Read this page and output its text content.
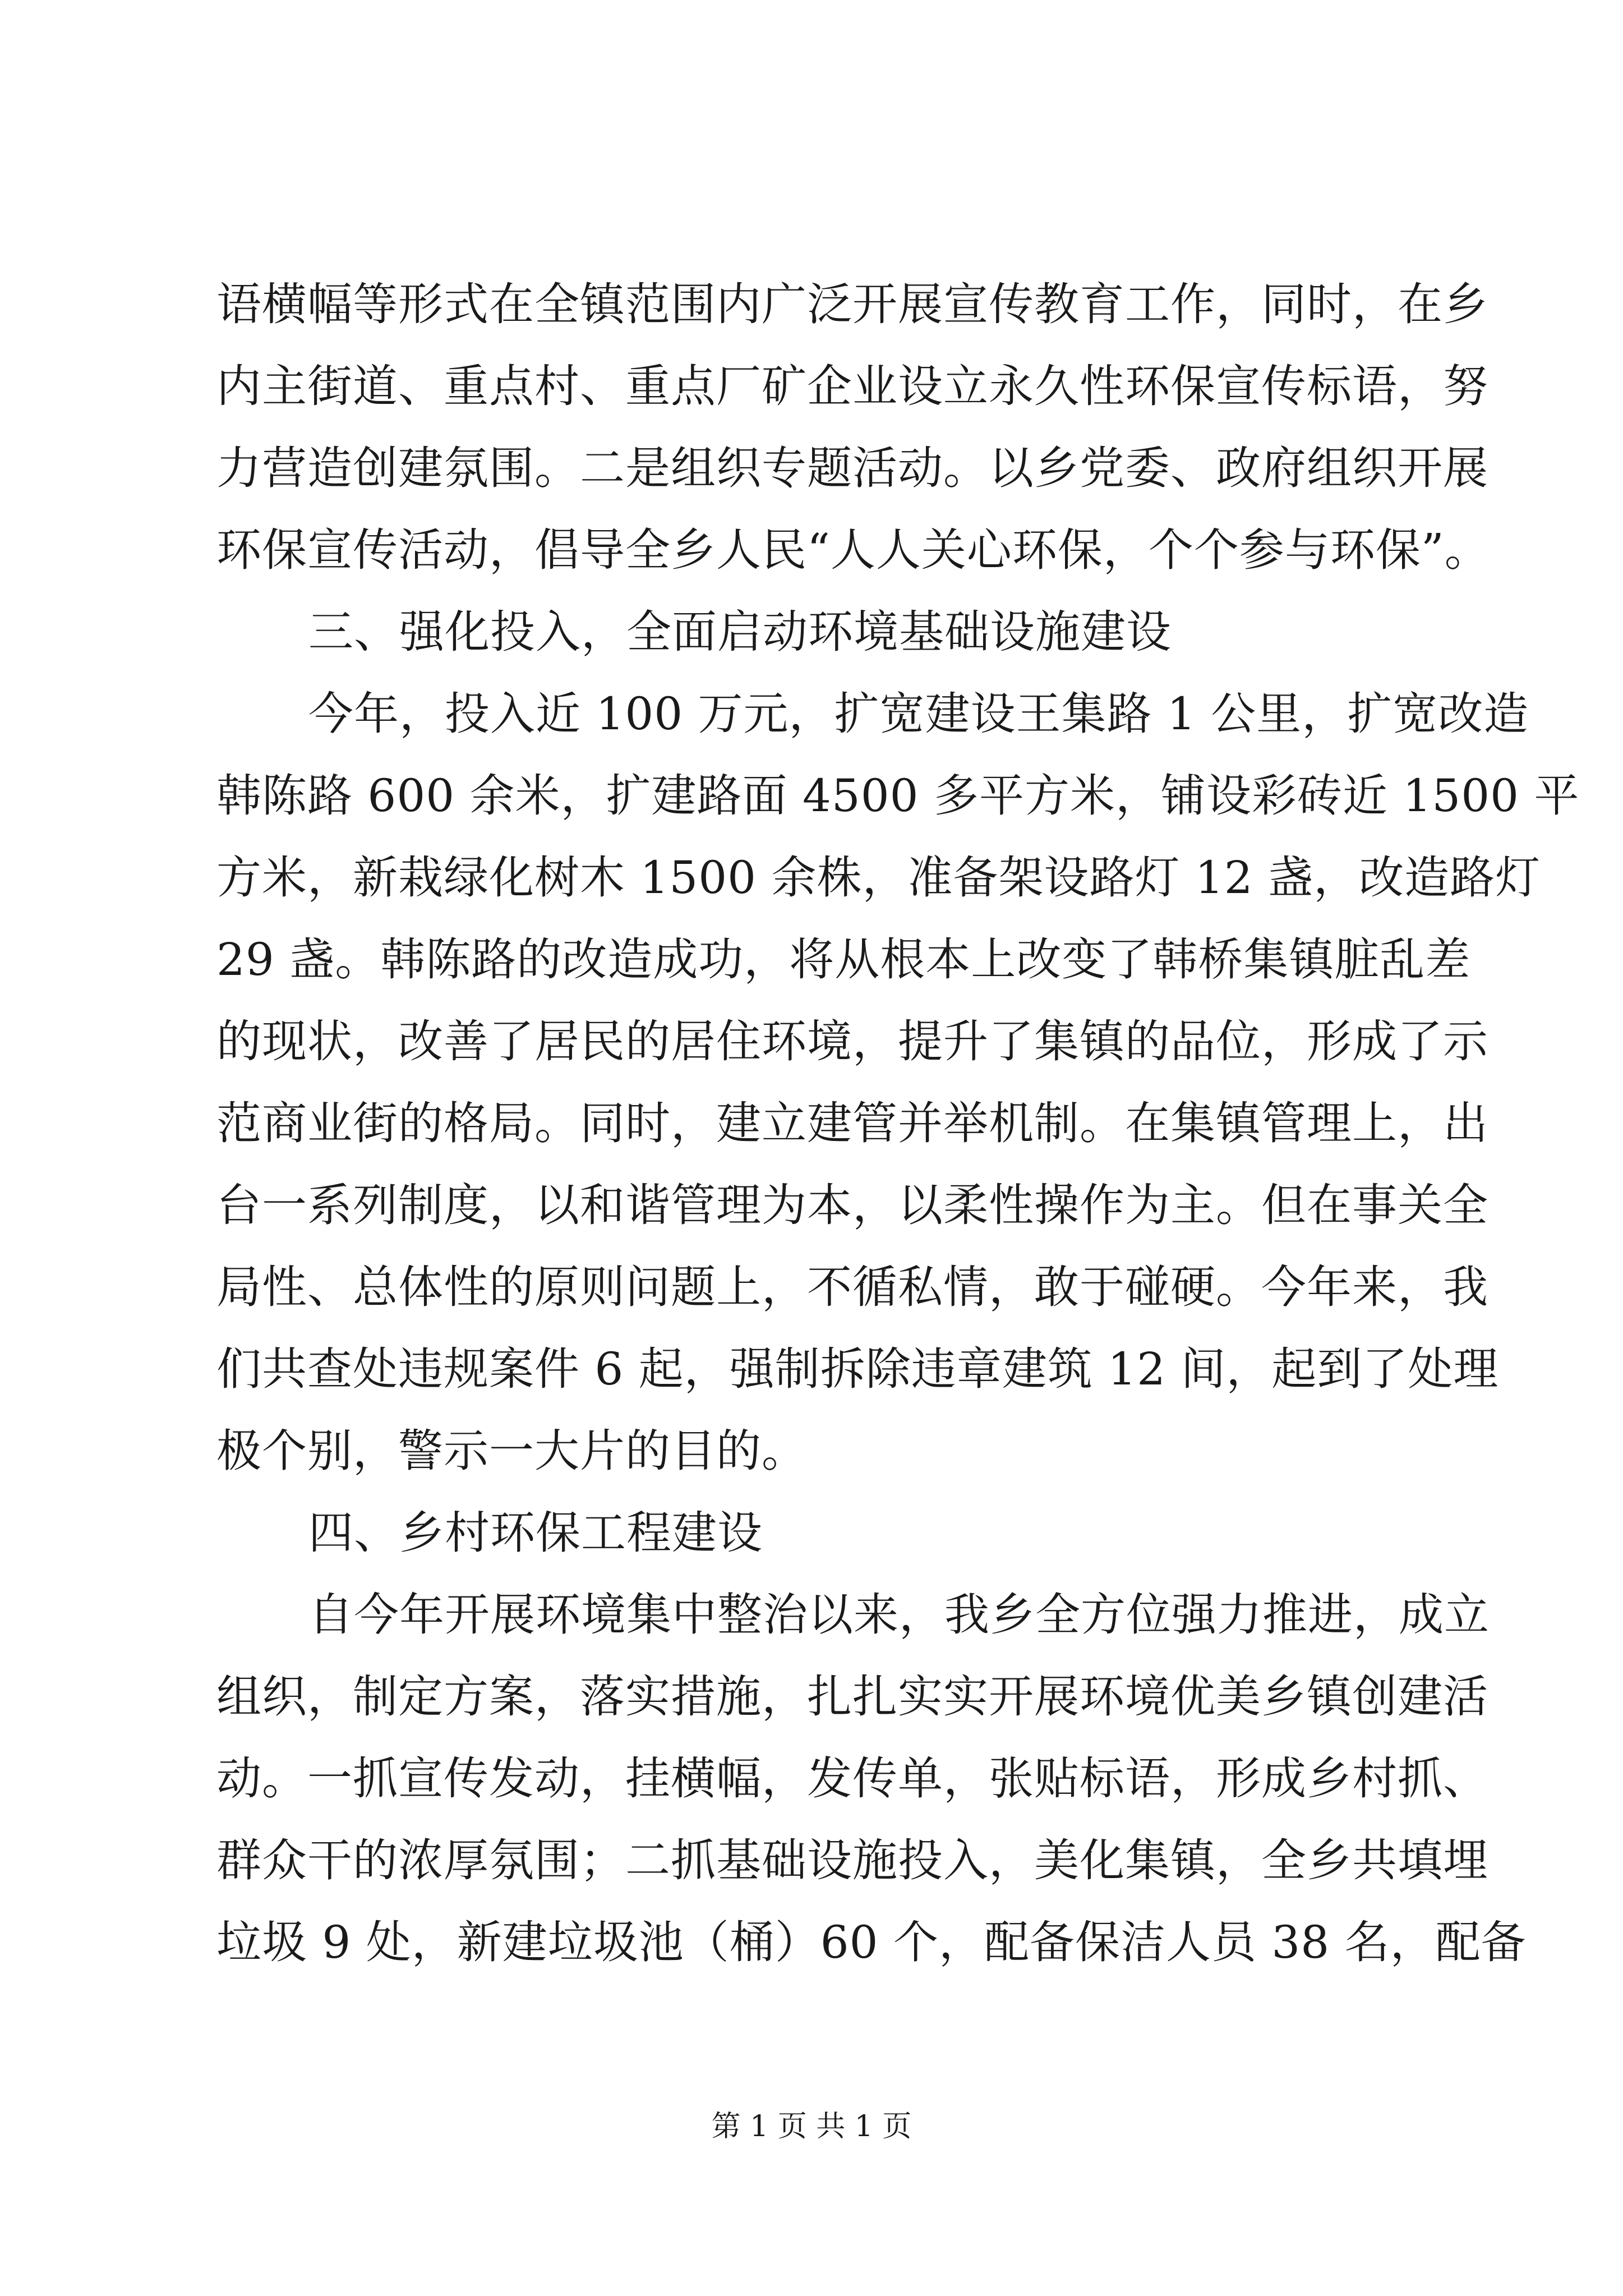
语横幅等形式在全镇范围内广泛开展宣传教育工作，同时，在乡
内主街道、重点村、重点厂矿企业设立永久性环保宣传标语，努
力营造创建氛围。二是组织专题活动。以乡党委、政府组织开展
环保宣传活动，倡导全乡人民“人人关心环保，个个参与环保”。
三、强化投入，全面启动环境基础设施建设
今年，投入近 100 万元，扩宽建设王集路 1 公里，扩宽改造
韩陈路 600 余米，扩建路面 4500 多平方米，铺设彩砖近 1500 平
方米，新栽绿化树木 1500 余株，准备架设路灯 12 盏，改造路灯
29 盏。韩陈路的改造成功，将从根本上改变了韩桥集镇脏乱差
的现状，改善了居民的居住环境，提升了集镇的品位，形成了示
范商业街的格局。同时，建立建管并举机制。在集镇管理上，出
台一系列制度，以和谐管理为本，以柔性操作为主。但在事关全
局性、总体性的原则问题上，不循私情，敢于碰硬。今年来，我
们共查处违规案件 6 起，强制拆除违章建筑 12 间，起到了处理
极个别，警示一大片的目的。
四、乡村环保工程建设
自今年开展环境集中整治以来，我乡全方位强力推进，成立
组织，制定方案，落实措施，扎扎实实开展环境优美乡镇创建活
动。一抓宣传发动，挂横幅，发传单，张贴标语，形成乡村抓、
群众干的浓厚氛围；二抓基础设施投入，美化集镇，全乡共填埋
垃圾 9 处，新建垃圾池（桶）60 个，配备保洁人员 38 名，配备
第 1 页 共 1 页
